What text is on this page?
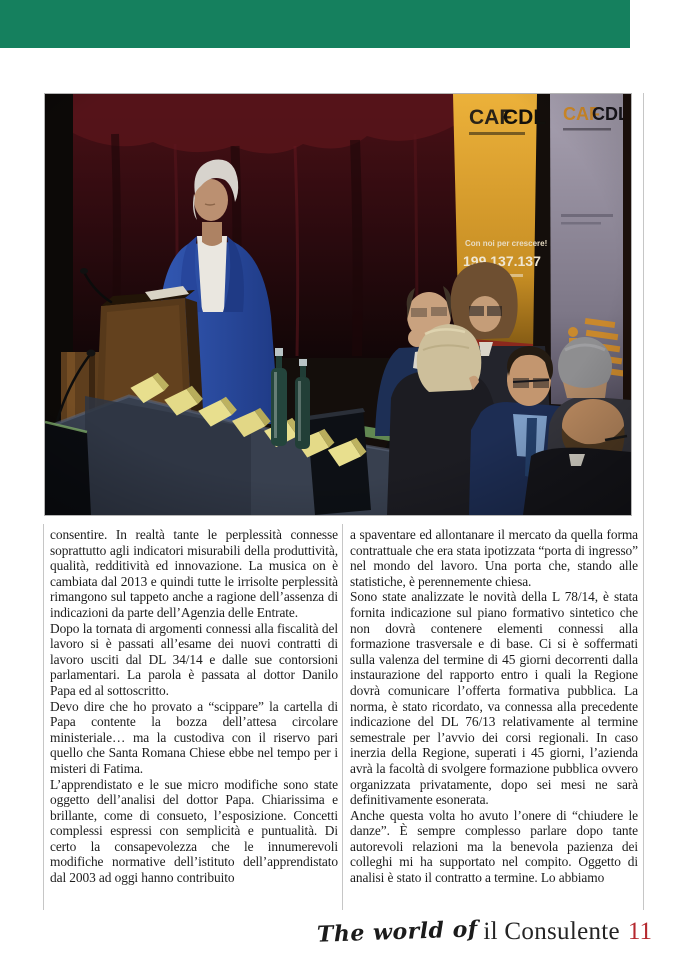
consentire. In realtà tante le perplessità connesse soprattutto agli indicatori misurabili della produttività, qualità, redditività ed innovazione. La musica on è cambiata dal 2013 e quindi tutte le irrisolte perplessità rimangono sul tappeto anche a ragione dell’assenza di indicazioni da parte dell’Agenzia delle Entrate.

Dopo la tornata di argomenti connessi alla fiscalità del lavoro si è passati all’esame dei nuovi contratti di lavoro usciti dal DL 34/14 e dalle sue contorsioni parlamentari. La parola è passata al dottor Danilo Papa ed al sottoscritto.

Devo dire che ho provato a “scippare” la cartella di Papa contente la bozza dell’attesa circolare ministeriale… ma la custodiva con il riservo pari quello che Santa Romana Chiese ebbe nel tempo per i misteri di Fatima.

L’apprendistato e le sue micro modifiche sono state oggetto dell’analisi del dottor Papa. Chiarissima e brillante, come di consueto, l’esposizione. Concetti complessi espressi con semplicità e puntualità. Di certo la consapevolezza che le innumerevoli modifiche normative dell’istituto dell’apprendistato dal 2003 ad oggi hanno contribuito

a spaventare ed allontanare il mercato da quella forma contrattuale che era stata ipotizzata “porta di ingresso” nel mondo del lavoro. Una porta che, stando alle statistiche, è perennemente chiesa.

Sono state analizzate le novità della L 78/14, è stata fornita indicazione sul piano formativo sintetico che non dovrà contenere elementi connessi alla formazione trasversale e di base. Ci si è soffermati sulla valenza del termine di 45 giorni decorrenti dalla instaurazione del rapporto entro i quali la Regione dovrà comunicare l’offerta formativa pubblica. La norma, è stato ricordato, va connessa alla precedente indicazione del DL 76/13 relativamente al termine semestrale per l’avvio dei corsi regionali. In caso inerzia della Regione, superati i 45 giorni, l’azienda avrà la facoltà di svolgere formazione pubblica ovvero organizzata privatamente, dopo sei mesi ne sarà definitivamente esonerata.

Anche questa volta ho avuto l’onere di “chiudere le danze”. È sempre complesso parlare dopo tante autorevoli relazioni ma la benevola pazienza dei colleghi mi ha supportato nel compito. Oggetto di analisi è stato il contratto a termine. Lo abbiamo

The world of il Consulente 11
